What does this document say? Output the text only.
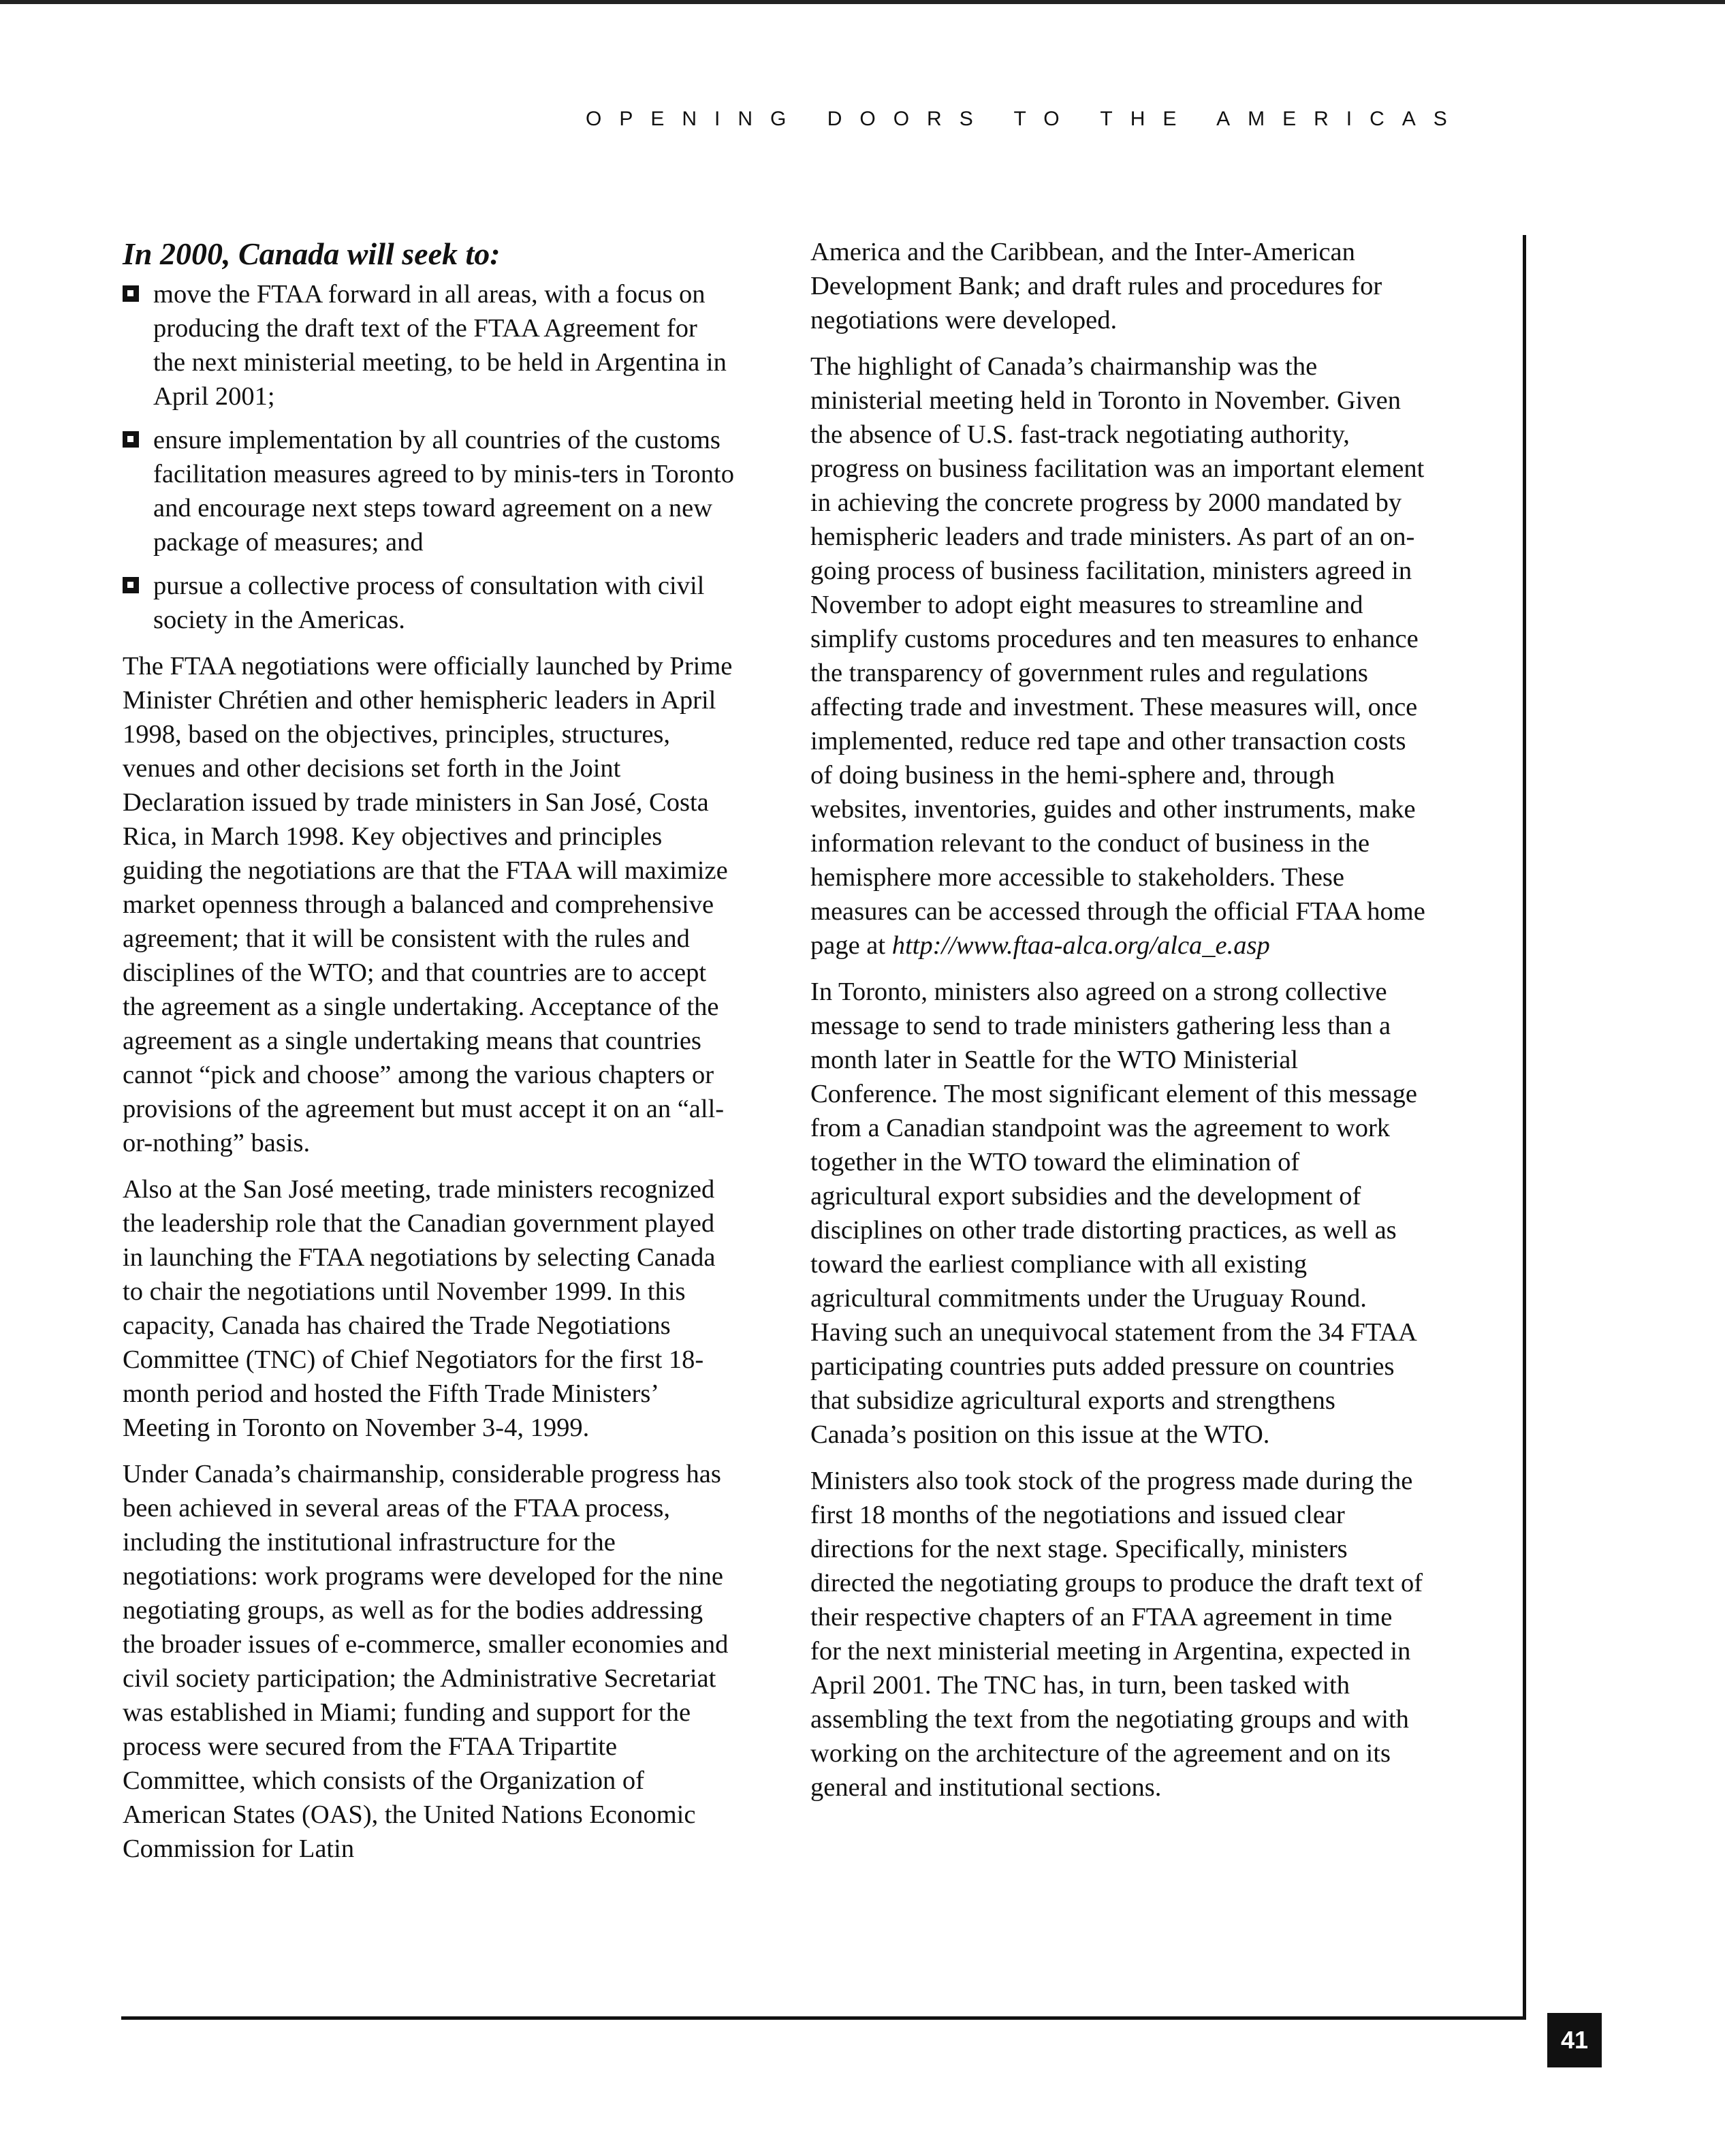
OPENING DOORS TO THE AMERICAS
In 2000, Canada will seek to:
move the FTAA forward in all areas, with a focus on producing the draft text of the FTAA Agreement for the next ministerial meeting, to be held in Argentina in April 2001;
ensure implementation by all countries of the customs facilitation measures agreed to by minis-ters in Toronto and encourage next steps toward agreement on a new package of measures; and
pursue a collective process of consultation with civil society in the Americas.

The FTAA negotiations were officially launched by Prime Minister Chrétien and other hemispheric leaders in April 1998, based on the objectives, principles, structures, venues and other decisions set forth in the Joint Declaration issued by trade ministers in San José, Costa Rica, in March 1998. Key objectives and principles guiding the negotiations are that the FTAA will maximize market openness through a balanced and comprehensive agreement; that it will be consistent with the rules and disciplines of the WTO; and that countries are to accept the agreement as a single undertaking. Acceptance of the agreement as a single undertaking means that countries cannot “pick and choose” among the various chapters or provisions of the agreement but must accept it on an “all-or-nothing” basis.

Also at the San José meeting, trade ministers recognized the leadership role that the Canadian government played in launching the FTAA negotiations by selecting Canada to chair the negotiations until November 1999. In this capacity, Canada has chaired the Trade Negotiations Committee (TNC) of Chief Negotiators for the first 18-month period and hosted the Fifth Trade Ministers’ Meeting in Toronto on November 3-4, 1999.

Under Canada’s chairmanship, considerable progress has been achieved in several areas of the FTAA process, including the institutional infrastructure for the negotiations: work programs were developed for the nine negotiating groups, as well as for the bodies addressing the broader issues of e-commerce, smaller economies and civil society participation; the Administrative Secretariat was established in Miami; funding and support for the process were secured from the FTAA Tripartite Committee, which consists of the Organization of American States (OAS), the United Nations Economic Commission for Latin

America and the Caribbean, and the Inter-American Development Bank; and draft rules and procedures for negotiations were developed.

The highlight of Canada’s chairmanship was the ministerial meeting held in Toronto in November. Given the absence of U.S. fast-track negotiating authority, progress on business facilitation was an important element in achieving the concrete progress by 2000 mandated by hemispheric leaders and trade ministers. As part of an on-going process of business facilitation, ministers agreed in November to adopt eight measures to streamline and simplify customs procedures and ten measures to enhance the transparency of government rules and regulations affecting trade and investment. These measures will, once implemented, reduce red tape and other transaction costs of doing business in the hemi-sphere and, through websites, inventories, guides and other instruments, make information relevant to the conduct of business in the hemisphere more accessible to stakeholders. These measures can be accessed through the official FTAA home page at http://www.ftaa-alca.org/alca_e.asp

In Toronto, ministers also agreed on a strong collective message to send to trade ministers gathering less than a month later in Seattle for the WTO Ministerial Conference. The most significant element of this message from a Canadian standpoint was the agreement to work together in the WTO toward the elimination of agricultural export subsidies and the development of disciplines on other trade distorting practices, as well as toward the earliest compliance with all existing agricultural commitments under the Uruguay Round. Having such an unequivocal statement from the 34 FTAA participating countries puts added pressure on countries that subsidize agricultural exports and strengthens Canada’s position on this issue at the WTO.

Ministers also took stock of the progress made during the first 18 months of the negotiations and issued clear directions for the next stage. Specifically, ministers directed the negotiating groups to produce the draft text of their respective chapters of an FTAA agreement in time for the next ministerial meeting in Argentina, expected in April 2001. The TNC has, in turn, been tasked with assembling the text from the negotiating groups and with working on the architecture of the agreement and on its general and institutional sections.

41
